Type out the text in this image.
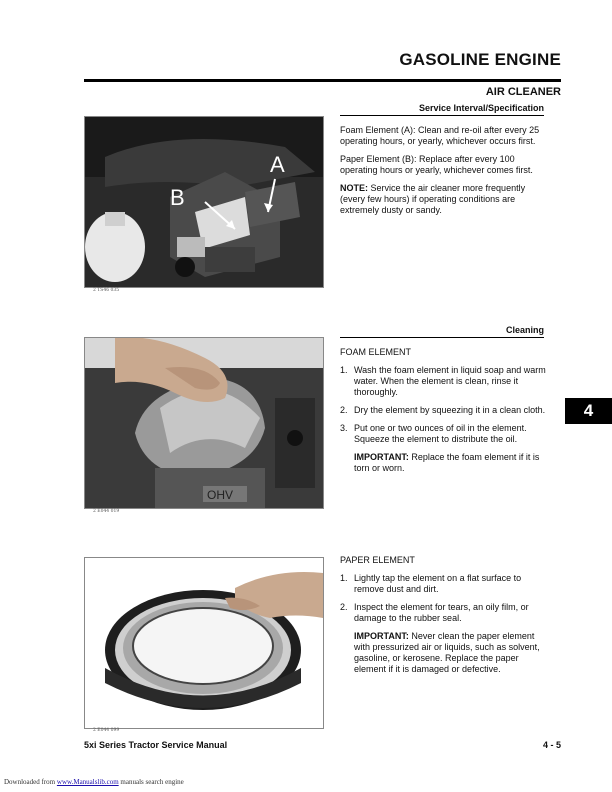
GASOLINE ENGINE
AIR CLEANER
Service Interval/Specification
A
B
2 TS46 035

Foam Element (A): Clean and re-oil after every 25 operating hours, or yearly, whichever occurs first.

Paper Element (B): Replace after every 100 operating hours or yearly, whichever comes first.

NOTE: Service the air cleaner more frequently (every few hours) if operating conditions are extremely dusty or sandy.

Cleaning
OHV
2 E044 019

FOAM ELEMENT

1. Wash the foam element in liquid soap and warm water. When the element is clean, rinse it thoroughly.
2. Dry the element by squeezing it in a clean cloth.
3. Put one or two ounces of oil in the element. Squeeze the element to distribute the oil.

IMPORTANT: Replace the foam element if it is torn or worn.

4
2 E044 099

PAPER ELEMENT

1. Lightly tap the element on a flat surface to remove dust and dirt.
2. Inspect the element for tears, an oily film, or damage to the rubber seal.

IMPORTANT: Never clean the paper element with pressurized air or liquids, such as solvent, gasoline, or kerosene. Replace the paper element if it is damaged or defective.

5xi Series Tractor Service Manual	4 - 5
Downloaded from www.Manualslib.com manuals search engine
